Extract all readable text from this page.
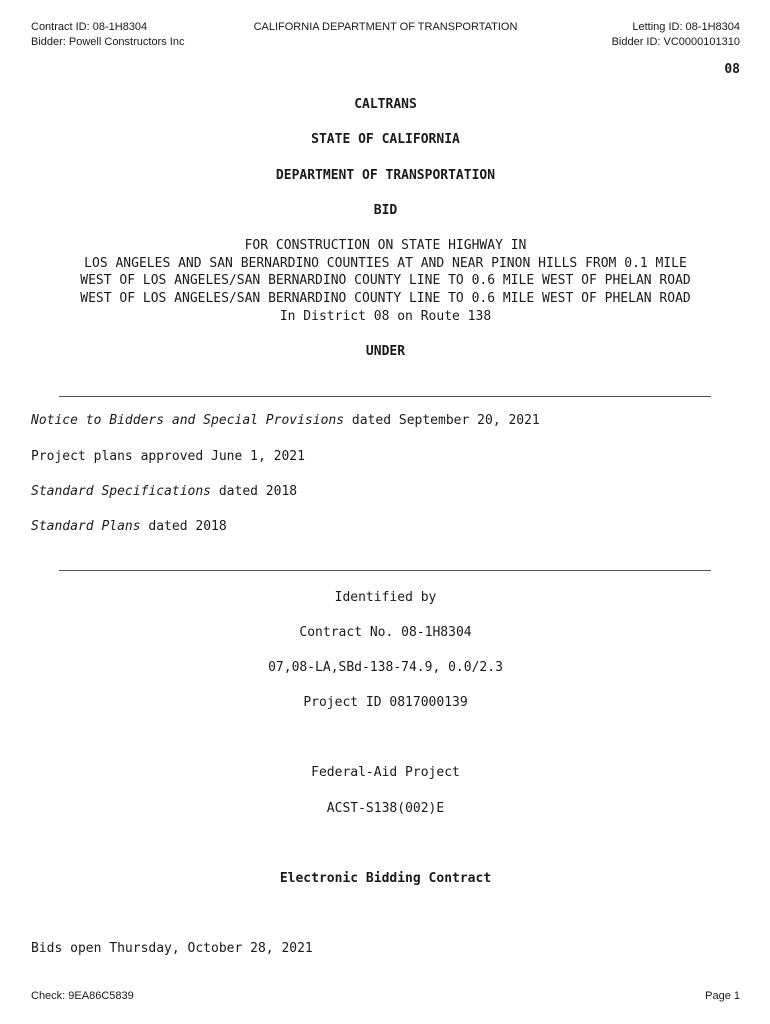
Contract ID: 08-1H8304
Bidder: Powell Constructors Inc
CALIFORNIA DEPARTMENT OF TRANSPORTATION	Letting ID: 08-1H8304
Bidder ID: VC0000101310
08
CALTRANS
STATE OF CALIFORNIA
DEPARTMENT OF TRANSPORTATION
BID
FOR CONSTRUCTION ON STATE HIGHWAY IN
LOS ANGELES AND SAN BERNARDINO COUNTIES AT AND NEAR PINON HILLS FROM 0.1 MILE
WEST OF LOS ANGELES/SAN BERNARDINO COUNTY LINE TO 0.6 MILE WEST OF PHELAN ROAD
WEST OF LOS ANGELES/SAN BERNARDINO COUNTY LINE TO 0.6 MILE WEST OF PHELAN ROAD
In District 08 on Route 138
UNDER
Notice to Bidders and Special Provisions dated September 20, 2021
Project plans approved June 1, 2021
Standard Specifications dated 2018
Standard Plans dated 2018
Identified by
Contract No. 08-1H8304
07,08-LA,SBd-138-74.9, 0.0/2.3
Project ID 0817000139
Federal-Aid Project
ACST-S138(002)E
Electronic Bidding Contract
Bids open Thursday, October 28, 2021
Check: 9EA86C5839	Page 1
